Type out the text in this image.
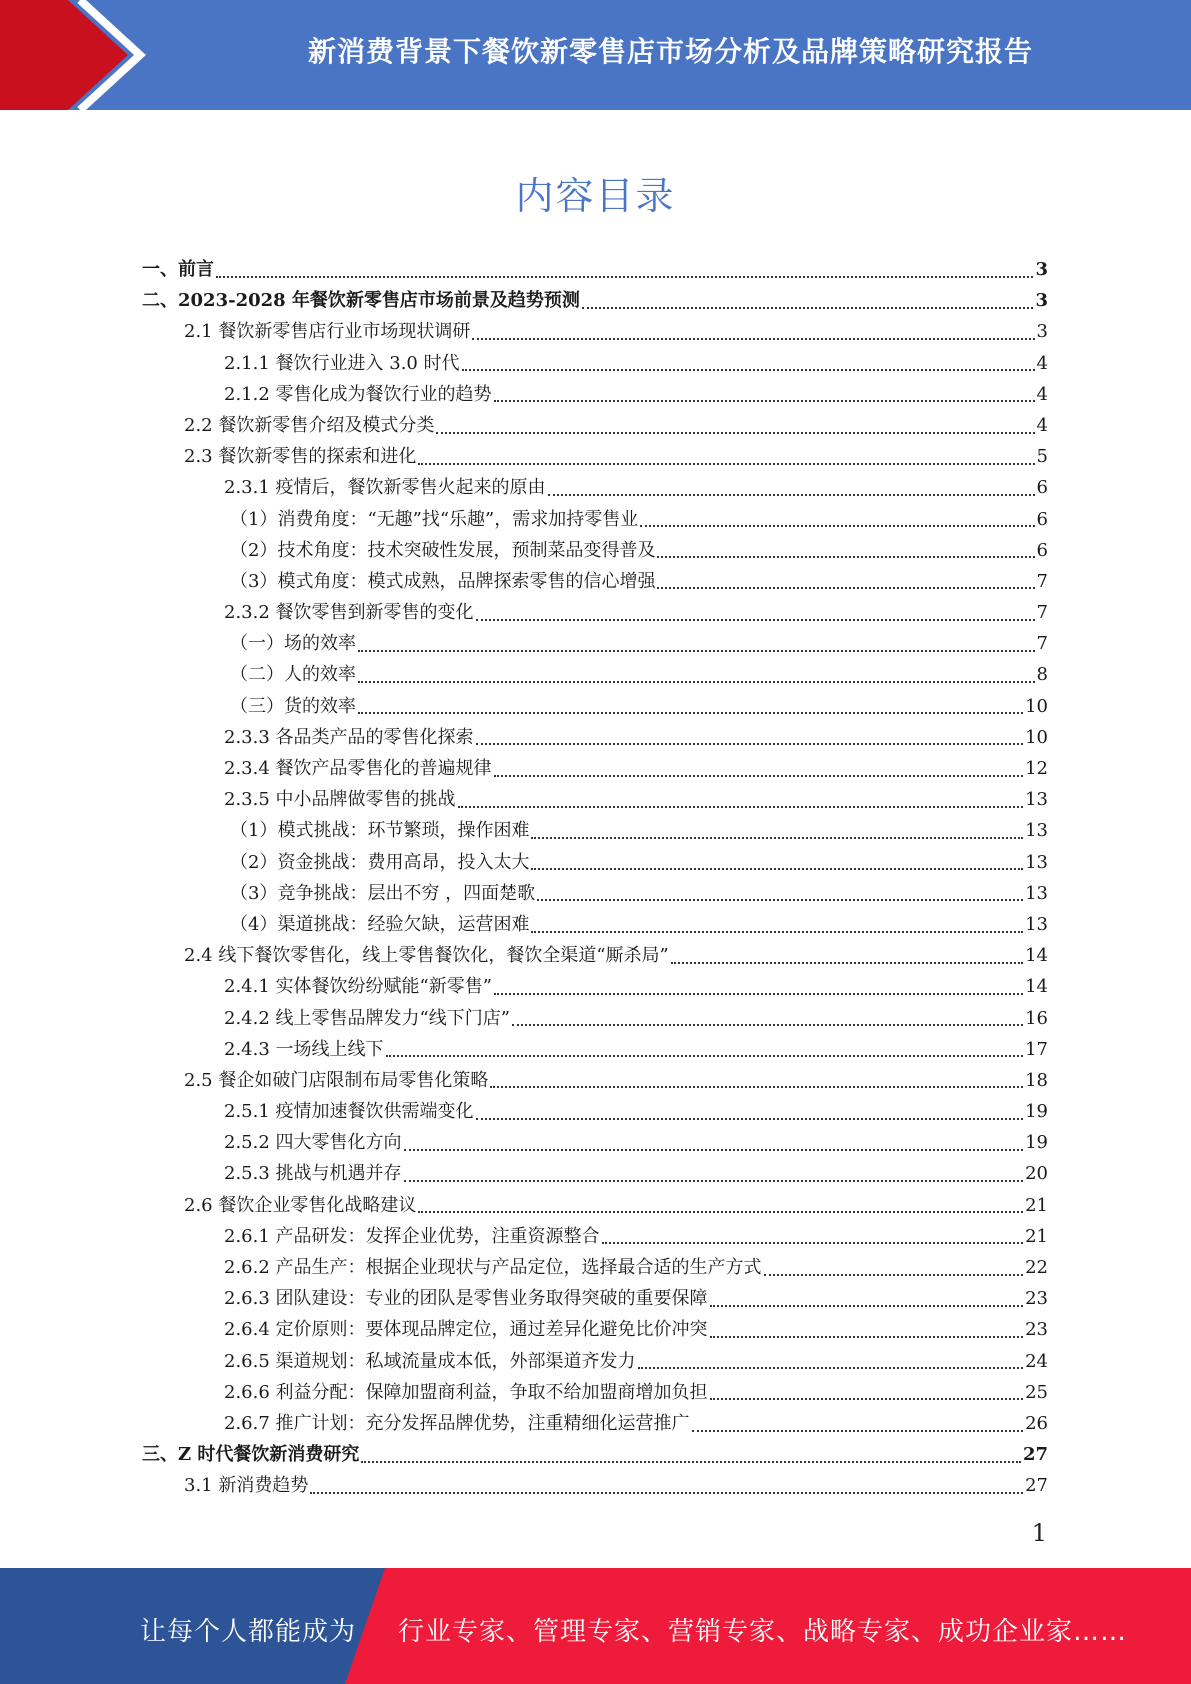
新消费背景下餐饮新零售店市场分析及品牌策略研究报告
内容目录
一、前言	3
二、2023-2028 年餐饮新零售店市场前景及趋势预测	3
2.1 餐饮新零售店行业市场现状调研	3
2.1.1 餐饮行业进入 3.0 时代	4
2.1.2 零售化成为餐饮行业的趋势	4
2.2 餐饮新零售介绍及模式分类	4
2.3 餐饮新零售的探索和进化	5
2.3.1 疫情后，餐饮新零售火起来的原由	6
（1）消费角度：“无趣”找“乐趣”，需求加持零售业	6
（2）技术角度：技术突破性发展，预制菜品变得普及	6
（3）模式角度：模式成熟，品牌探索零售的信心增强	7
2.3.2 餐饮零售到新零售的变化	7
（一）场的效率	7
（二）人的效率	8
（三）货的效率	10
2.3.3 各品类产品的零售化探索	10
2.3.4 餐饮产品零售化的普遍规律	12
2.3.5 中小品牌做零售的挑战	13
（1）模式挑战：环节繁琐，操作困难	13
（2）资金挑战：费用高昂，投入太大	13
（3）竞争挑战：层出不穷 ，四面楚歌	13
（4）渠道挑战：经验欠缺，运营困难	13
2.4 线下餐饮零售化，线上零售餐饮化，餐饮全渠道“厮杀局”	14
2.4.1 实体餐饮纷纷赋能“新零售”	14
2.4.2 线上零售品牌发力“线下门店”	16
2.4.3 一场线上线下	17
2.5 餐企如破门店限制布局零售化策略	18
2.5.1 疫情加速餐饮供需端变化	19
2.5.2 四大零售化方向	19
2.5.3 挑战与机遇并存	20
2.6 餐饮企业零售化战略建议	21
2.6.1 产品研发：发挥企业优势，注重资源整合	21
2.6.2 产品生产：根据企业现状与产品定位，选择最合适的生产方式	22
2.6.3 团队建设：专业的团队是零售业务取得突破的重要保障	23
2.6.4 定价原则：要体现品牌定位，通过差异化避免比价冲突	23
2.6.5 渠道规划：私域流量成本低，外部渠道齐发力	24
2.6.6 利益分配：保障加盟商利益，争取不给加盟商增加负担	25
2.6.7 推广计划：充分发挥品牌优势，注重精细化运营推广	26
三、Z 时代餐饮新消费研究	27
3.1 新消费趋势	27
1
让每个人都能成为 行业专家、管理专家、营销专家、战略专家、成功企业家……
